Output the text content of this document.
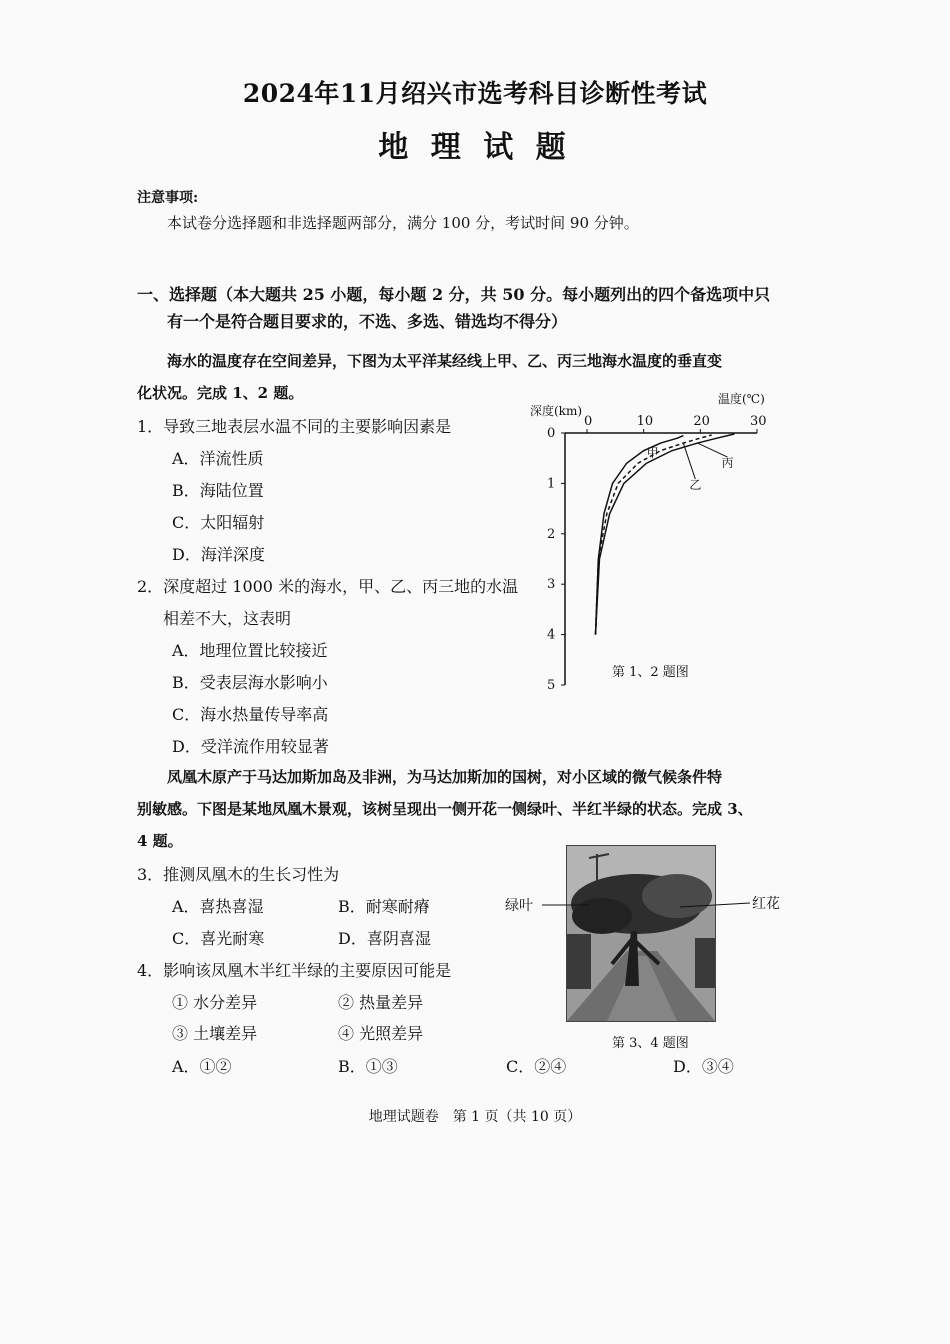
2024年11月绍兴市选考科目诊断性考试
地 理 试 题
注意事项:
本试卷分选择题和非选择题两部分，满分 100 分，考试时间 90 分钟。
一、选择题（本大题共 25 小题，每小题 2 分，共 50 分。每小题列出的四个备选项中只
有一个是符合题目要求的，不选、多选、错选均不得分）
海水的温度存在空间差异，下图为太平洋某经线上甲、乙、丙三地海水温度的垂直变
化状况。完成 1、2 题。
1．导致三地表层水温不同的主要影响因素是
A．洋流性质
B．海陆位置
C．太阳辐射
D．海洋深度
2．深度超过 1000 米的海水，甲、乙、丙三地的水温
相差不大，这表明
A．地理位置比较接近
B．受表层海水影响小
C．海水热量传导率高
D．受洋流作用较显著
0	10	20	30
0
1
2
3
4
5
甲
乙
丙
深度(km)
温度(℃)
第 1、2 题图
凤凰木原产于马达加斯加岛及非洲，为马达加斯加的国树，对小区域的微气候条件特
别敏感。下图是某地凤凰木景观，该树呈现出一侧开花一侧绿叶、半红半绿的状态。完成 3、
4 题。
3．推测凤凰木的生长习性为
A．喜热喜湿	B．耐寒耐瘠
C．喜光耐寒	D．喜阴喜湿
4．影响该凤凰木半红半绿的主要原因可能是
① 水分差异	② 热量差异
③ 土壤差异	④ 光照差异
A．①②	B．①③	C．②④	D．③④
绿叶	红花
第 3、4 题图
地理试题卷　第 1 页（共 10 页）
